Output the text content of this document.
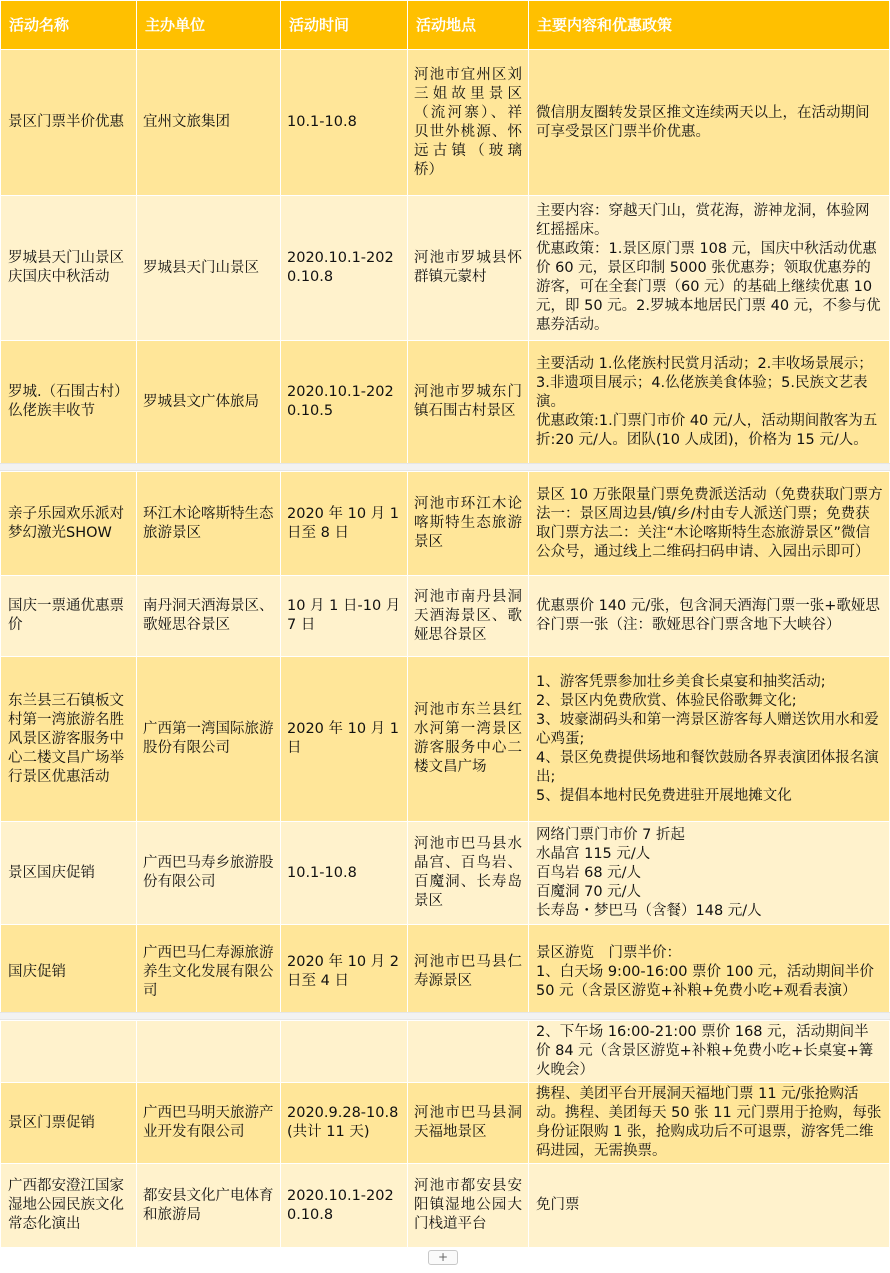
活动名称	主办单位	活动时间	活动地点	主要内容和优惠政策
景区门票半价优惠	宜州文旅集团	10.1-10.8	河池市宜州区刘三姐故里景区（流河寨）、祥贝世外桃源、怀远古镇（玻璃桥）	微信朋友圈转发景区推文连续两天以上，在活动期间可享受景区门票半价优惠。

罗城县天门山景区庆国庆中秋活动	罗城县天门山景区	2020.10.1-2020.10.8	河池市罗城县怀群镇元蒙村	主要内容：穿越天门山，赏花海，游神龙洞，体验网红摇摇床。
优惠政策：1.景区原门票 108 元，国庆中秋活动优惠价 60 元，景区印制 5000 张优惠券；领取优惠券的游客，可在全套门票（60 元）的基础上继续优惠 10 元，即 50 元。2.罗城本地居民门票 40 元，不参与优惠券活动。

罗城.（石围古村）仫佬族丰收节	罗城县文广体旅局	2020.10.1-2020.10.5	河池市罗城东门镇石围古村景区	主要活动 1.仫佬族村民赏月活动；2.丰收场景展示；3.非遗项目展示；4.仫佬族美食体验；5.民族文艺表演。
优惠政策:1.门票门市价 40 元/人，活动期间散客为五折:20 元/人。团队(10 人成团)，价格为 15 元/人。
亲子乐园欢乐派对梦幻激光SHOW	环江木论喀斯特生态旅游景区	2020 年 10 月 1 日至 8 日	河池市环江木论喀斯特生态旅游景区	景区 10 万张限量门票免费派送活动（免费获取门票方法一：景区周边县/镇/乡/村由专人派送门票；免费获取门票方法二：关注“木论喀斯特生态旅游景区”微信公众号，通过线上二维码扫码申请、入园出示即可）

国庆一票通优惠票价	南丹洞天酒海景区、歌娅思谷景区	10 月 1 日-10 月 7 日	河池市南丹县洞天酒海景区、歌娅思谷景区	优惠票价 140 元/张，包含洞天酒海门票一张+歌娅思谷门票一张（注：歌娅思谷门票含地下大峡谷）

东兰县三石镇板文村第一湾旅游名胜风景区游客服务中心二楼文昌广场举行景区优惠活动	广西第一湾国际旅游股份有限公司	2020 年 10 月 1 日	河池市东兰县红水河第一湾景区游客服务中心二楼文昌广场	1、游客凭票参加壮乡美食长桌宴和抽奖活动;
2、景区内免费欣赏、体验民俗歌舞文化;
3、坡豪湖码头和第一湾景区游客每人赠送饮用水和爱心鸡蛋;
4、景区免费提供场地和餐饮鼓励各界表演团体报名演出;
5、提倡本地村民免费进驻开展地摊文化

景区国庆促销	广西巴马寿乡旅游股份有限公司	10.1-10.8	河池市巴马县水晶宫、百鸟岩、百魔洞、长寿岛景区	网络门票门市价 7 折起
水晶宫 115 元/人
百鸟岩 68 元/人
百魔洞 70 元/人
长寿岛・梦巴马（含餐）148 元/人

国庆促销	广西巴马仁寿源旅游养生文化发展有限公司	2020 年 10 月 2 日至 4 日	河池市巴马县仁寿源景区	景区游览　门票半价：
1、白天场 9:00-16:00 票价 100 元，活动期间半价 50 元（含景区游览+补粮+免费小吃+观看表演）

				2、下午场 16:00-21:00 票价 168 元，活动期间半价 84 元（含景区游览+补粮+免费小吃+长桌宴+篝火晚会）

景区门票促销	广西巴马明天旅游产业开发有限公司	2020.9.28-10.8(共计 11 天)	河池市巴马县洞天福地景区	携程、美团平台开展洞天福地门票 11 元/张抢购活动。携程、美团每天 50 张 11 元门票用于抢购，每张身份证限购 1 张，抢购成功后不可退票，游客凭二维码进园，无需换票。

广西都安澄江国家湿地公园民族文化常态化演出	都安县文化广电体育和旅游局	2020.10.1-2020.10.8	河池市都安县安阳镇湿地公园大门栈道平台	免门票
+
